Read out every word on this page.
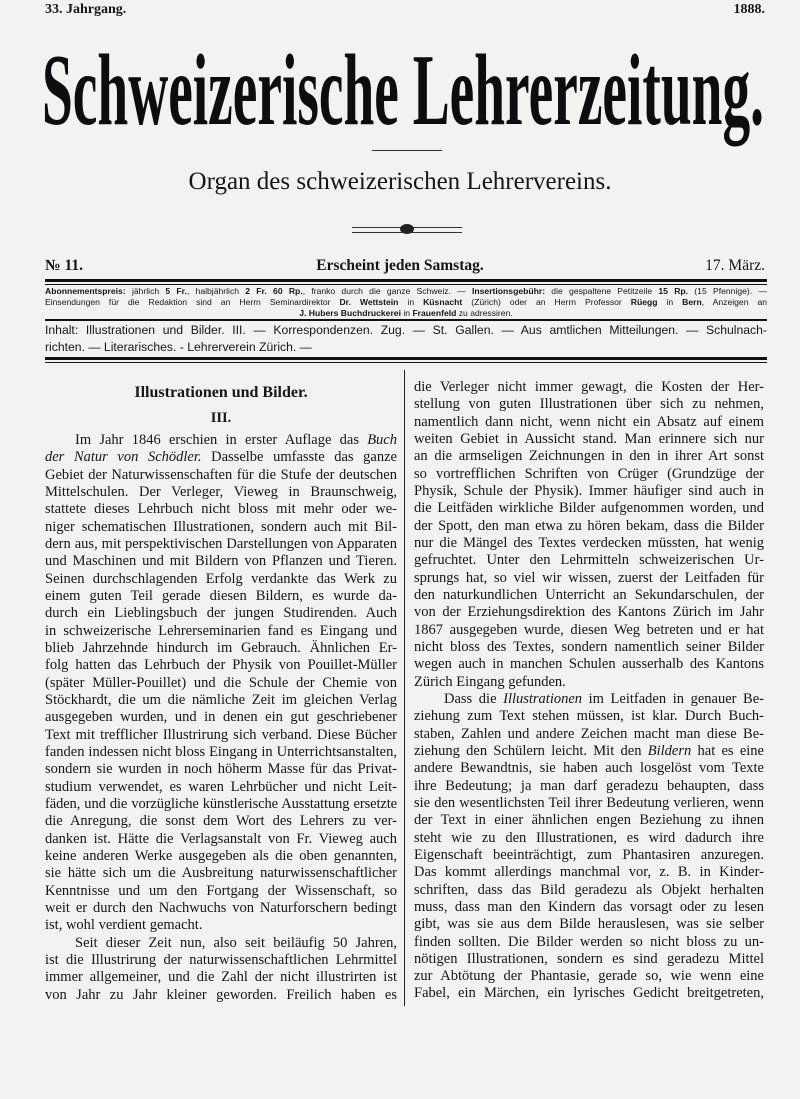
33. Jahrgang.	1888.
Schweizerische Lehrerzeitung.
Organ des schweizerischen Lehrervereins.
№ 11.	Erscheint jeden Samstag.	17. März.
Abonnementspreis: jährlich 5 Fr., halbjährlich 2 Fr. 60 Rp., franko durch die ganze Schweiz. — Insertionsgebühr: die gespaltene Petitzeile 15 Rp. (15 Pfennige). —
Einsendungen für die Redaktion sind an Herrn Seminardirektor Dr. Wettstein in Küsnacht (Zürich) oder an Herrn Professor Rüegg in Bern, Anzeigen an
J. Hubers Buchdruckerei in Frauenfeld zu adressiren.
Inhalt: Illustrationen und Bilder. III. — Korrespondenzen. Zug. — St. Gallen. — Aus amtlichen Mitteilungen. — Schulnach-
richten. — Literarisches. - Lehrerverein Zürich. —
Illustrationen und Bilder.
III.
Im Jahr 1846 erschien in erster Auflage das Buch
der Natur von Schödler. Dasselbe umfasste das ganze
Gebiet der Naturwissenschaften für die Stufe der deutschen
Mittelschulen. Der Verleger, Vieweg in Braunschweig,
stattete dieses Lehrbuch nicht bloss mit mehr oder we-
niger schematischen Illustrationen, sondern auch mit Bil-
dern aus, mit perspektivischen Darstellungen von Apparaten
und Maschinen und mit Bildern von Pflanzen und Tieren.
Seinen durchschlagenden Erfolg verdankte das Werk zu
einem guten Teil gerade diesen Bildern, es wurde da-
durch ein Lieblingsbuch der jungen Studirenden. Auch
in schweizerische Lehrerseminarien fand es Eingang und
blieb Jahrzehnde hindurch im Gebrauch. Ähnlichen Er-
folg hatten das Lehrbuch der Physik von Pouillet-Müller
(später Müller-Pouillet) und die Schule der Chemie von
Stöckhardt, die um die nämliche Zeit im gleichen Verlag
ausgegeben wurden, und in denen ein gut geschriebener
Text mit trefflicher Illustrirung sich verband. Diese Bücher
fanden indessen nicht bloss Eingang in Unterrichtsanstalten,
sondern sie wurden in noch höherm Masse für das Privat-
studium verwendet, es waren Lehrbücher und nicht Leit-
fäden, und die vorzügliche künstlerische Ausstattung ersetzte
die Anregung, die sonst dem Wort des Lehrers zu ver-
danken ist. Hätte die Verlagsanstalt von Fr. Vieweg auch
keine anderen Werke ausgegeben als die oben genannten,
sie hätte sich um die Ausbreitung naturwissenschaftlicher
Kenntnisse und um den Fortgang der Wissenschaft, so
weit er durch den Nachwuchs von Naturforschern bedingt
ist, wohl verdient gemacht.
Seit dieser Zeit nun, also seit beiläufig 50 Jahren,
ist die Illustrirung der naturwissenschaftlichen Lehrmittel
immer allgemeiner, und die Zahl der nicht illustrirten ist
von Jahr zu Jahr kleiner geworden. Freilich haben es
die Verleger nicht immer gewagt, die Kosten der Her-
stellung von guten Illustrationen über sich zu nehmen,
namentlich dann nicht, wenn nicht ein Absatz auf einem
weiten Gebiet in Aussicht stand. Man erinnere sich nur
an die armseligen Zeichnungen in den in ihrer Art sonst
so vortrefflichen Schriften von Crüger (Grundzüge der
Physik, Schule der Physik). Immer häufiger sind auch in
die Leitfäden wirkliche Bilder aufgenommen worden, und
der Spott, den man etwa zu hören bekam, dass die Bilder
nur die Mängel des Textes verdecken müssten, hat wenig
gefruchtet. Unter den Lehrmitteln schweizerischen Ur-
sprungs hat, so viel wir wissen, zuerst der Leitfaden für
den naturkundlichen Unterricht an Sekundarschulen, der
von der Erziehungsdirektion des Kantons Zürich im Jahr
1867 ausgegeben wurde, diesen Weg betreten und er hat
nicht bloss des Textes, sondern namentlich seiner Bilder
wegen auch in manchen Schulen ausserhalb des Kantons
Zürich Eingang gefunden.
Dass die Illustrationen im Leitfaden in genauer Be-
ziehung zum Text stehen müssen, ist klar. Durch Buch-
staben, Zahlen und andere Zeichen macht man diese Be-
ziehung den Schülern leicht. Mit den Bildern hat es eine
andere Bewandtnis, sie haben auch losgelöst vom Texte
ihre Bedeutung; ja man darf geradezu behaupten, dass
sie den wesentlichsten Teil ihrer Bedeutung verlieren, wenn
der Text in einer ähnlichen engen Beziehung zu ihnen
steht wie zu den Illustrationen, es wird dadurch ihre
Eigenschaft beeinträchtigt, zum Phantasiren anzuregen.
Das kommt allerdings manchmal vor, z. B. in Kinder-
schriften, dass das Bild geradezu als Objekt herhalten
muss, dass man den Kindern das vorsagt oder zu lesen
gibt, was sie aus dem Bilde herauslesen, was sie selber
finden sollten. Die Bilder werden so nicht bloss zu un-
nötigen Illustrationen, sondern es sind geradezu Mittel
zur Abtötung der Phantasie, gerade so, wie wenn eine
Fabel, ein Märchen, ein lyrisches Gedicht breitgetreten,
